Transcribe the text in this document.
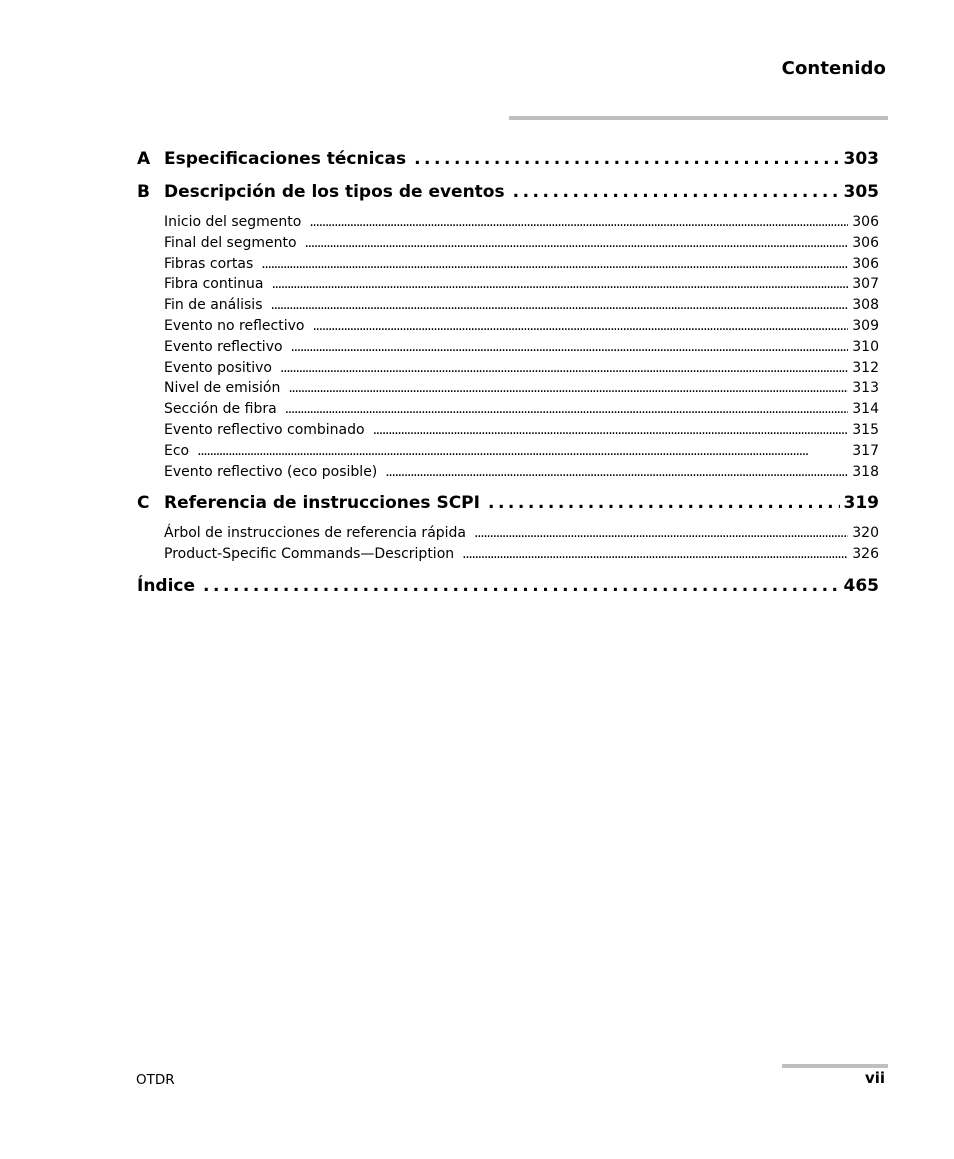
Contenido
A Especificaciones técnicas . . .	303
B Descripción de los tipos de eventos . . .	305
Inicio del segmento . . .	306
Final del segmento . . .	306
Fibras cortas . . .	306
Fibra continua . . .	307
Fin de análisis . . .	308
Evento no reflectivo . . .	309
Evento reflectivo . . .	310
Evento positivo . . .	312
Nivel de emisión . . .	313
Sección de fibra . . .	314
Evento reflectivo combinado . . .	315
Eco . . .	317
Evento reflectivo (eco posible) . . .	318
C Referencia de instrucciones SCPI . . .	319
Árbol de instrucciones de referencia rápida . . .	320
Product-Specific Commands—Description . . .	326
Índice . . .	465
OTDR	vii
